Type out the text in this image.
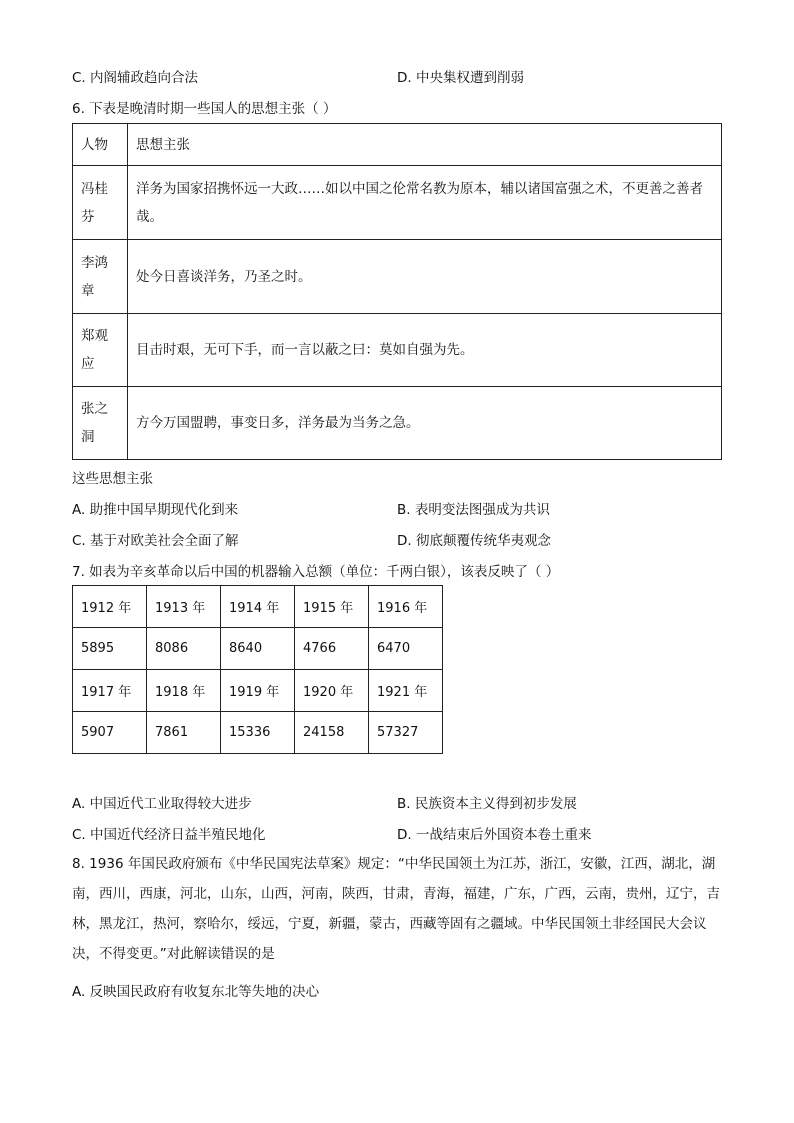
C. 内阁辅政趋向合法	D. 中央集权遭到削弱
6. 下表是晚清时期一些国人的思想主张（ ）
人物	思想主张
冯桂芬	洋务为国家招携怀远一大政……如以中国之伦常名教为原本，辅以诸国富强之术，不更善之善者哉。
李鸿章	处今日喜谈洋务，乃圣之时。
郑观应	目击时艰，无可下手，而一言以蔽之曰：莫如自强为先。
张之洞	方今万国盟聘，事变日多，洋务最为当务之急。
这些思想主张
A. 助推中国早期现代化到来	B. 表明变法图强成为共识
C. 基于对欧美社会全面了解	D. 彻底颠覆传统华夷观念
7. 如表为辛亥革命以后中国的机器输入总额（单位：千两白银），该表反映了（ ）
1912 年	1913 年	1914 年	1915 年	1916 年
5895	8086	8640	4766	6470
1917 年	1918 年	1919 年	1920 年	1921 年
5907	7861	15336	24158	57327
A. 中国近代工业取得较大进步	B. 民族资本主义得到初步发展
C. 中国近代经济日益半殖民地化	D. 一战结束后外国资本卷土重来
8. 1936 年国民政府颁布《中华民国宪法草案》规定：“中华民国领土为江苏，浙江，安徽，江西，湖北，湖南，西川，西康，河北，山东，山西，河南，陕西，甘肃，青海，福建，广东，广西，云南，贵州，辽宁，吉林，黑龙江，热河，察哈尔，绥远，宁夏，新疆，蒙古，西藏等固有之疆域。中华民国领土非经国民大会议决，不得变更。”对此解读错误的是
A. 反映国民政府有收复东北等失地的决心
